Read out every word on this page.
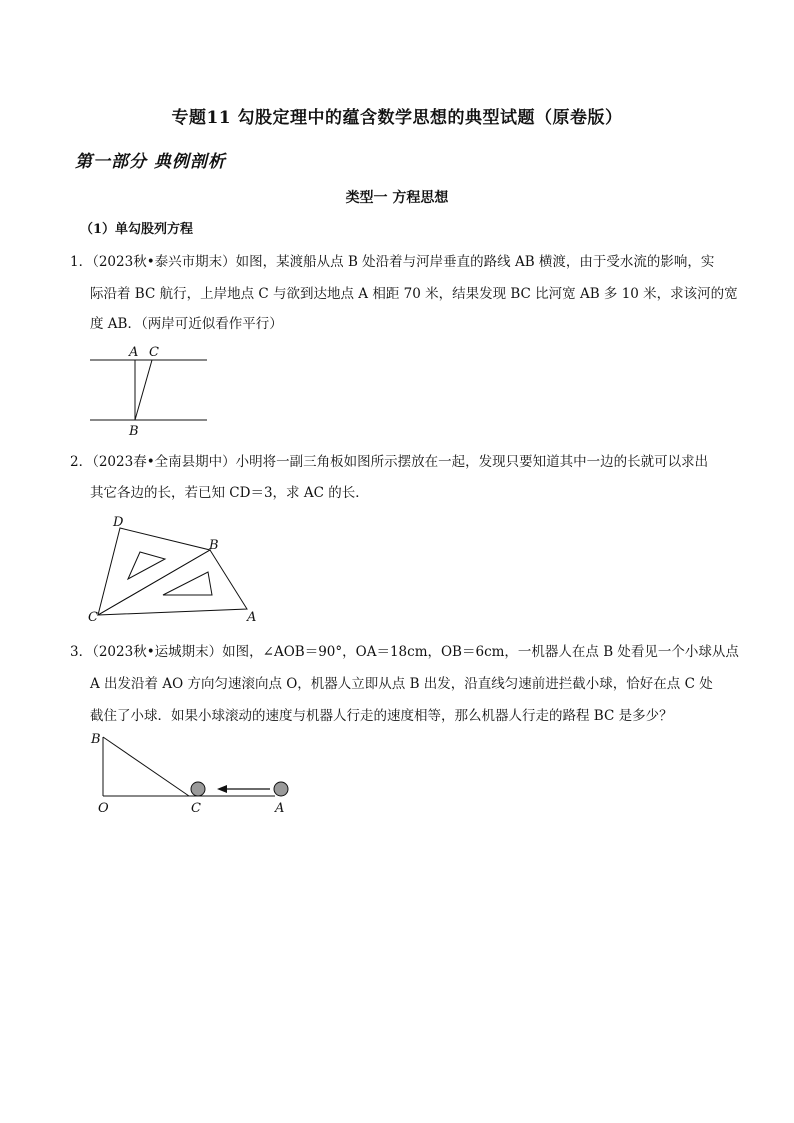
专题11 勾股定理中的蕴含数学思想的典型试题（原卷版）
第一部分 典例剖析
类型一 方程思想
（1）单勾股列方程
1．（2023秋•泰兴市期末）如图，某渡船从点 B 处沿着与河岸垂直的路线 AB 横渡，由于受水流的影响，实
际沿着 BC 航行，上岸地点 C 与欲到达地点 A 相距 70 米，结果发现 BC 比河宽 AB 多 10 米，求该河的宽
度 AB．（两岸可近似看作平行）
A C
B
2．（2023春•全南县期中）小明将一副三角板如图所示摆放在一起，发现只要知道其中一边的长就可以求出
其它各边的长，若已知 CD＝3，求 AC 的长．
D
B
C	A
3．（2023秋•运城期末）如图，∠AOB＝90°，OA＝18cm，OB＝6cm，一机器人在点 B 处看见一个小球从点
A 出发沿着 AO 方向匀速滚向点 O，机器人立即从点 B 出发，沿直线匀速前进拦截小球，恰好在点 C 处
截住了小球．如果小球滚动的速度与机器人行走的速度相等，那么机器人行走的路程 BC 是多少？
B
O	C	A
